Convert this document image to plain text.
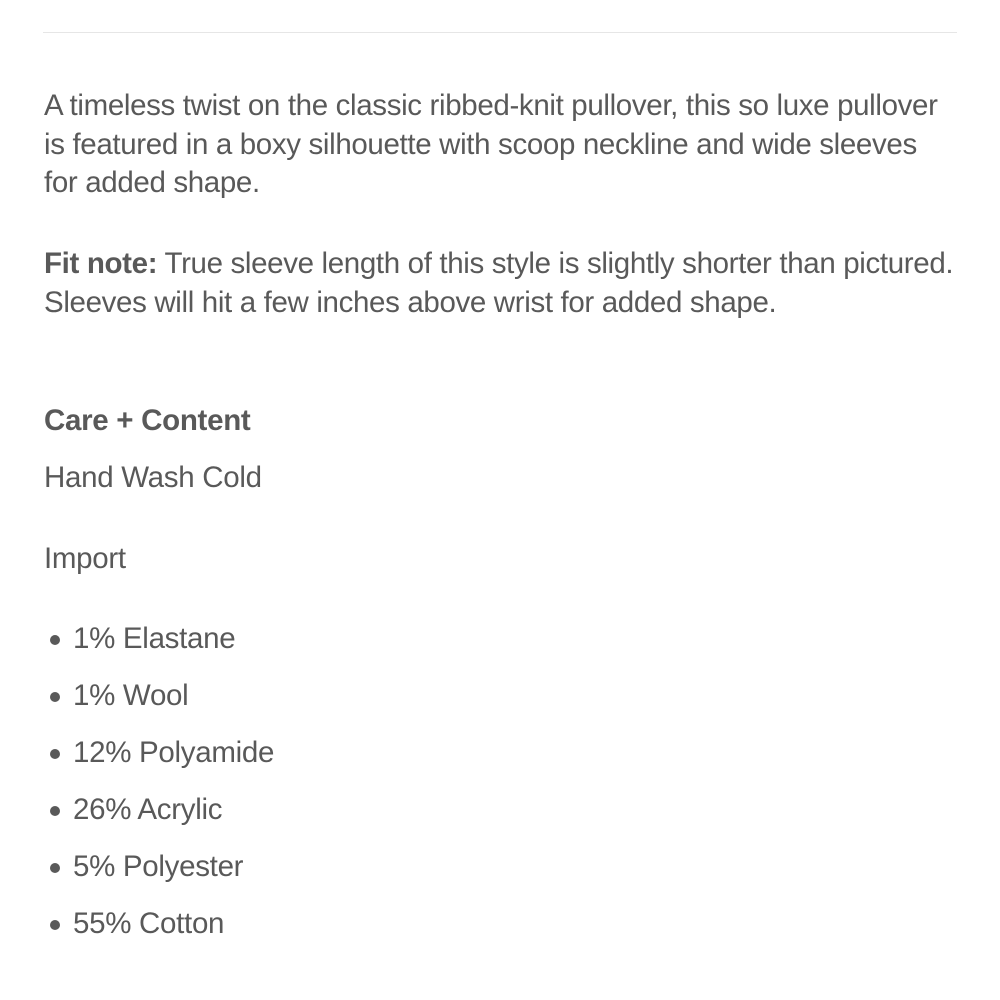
A timeless twist on the classic ribbed-knit pullover, this so luxe pullover is featured in a boxy silhouette with scoop neckline and wide sleeves for added shape.

Fit note: True sleeve length of this style is slightly shorter than pictured. Sleeves will hit a few inches above wrist for added shape.

Care + Content

Hand Wash Cold

Import

1% Elastane
1% Wool
12% Polyamide
26% Acrylic
5% Polyester
55% Cotton
